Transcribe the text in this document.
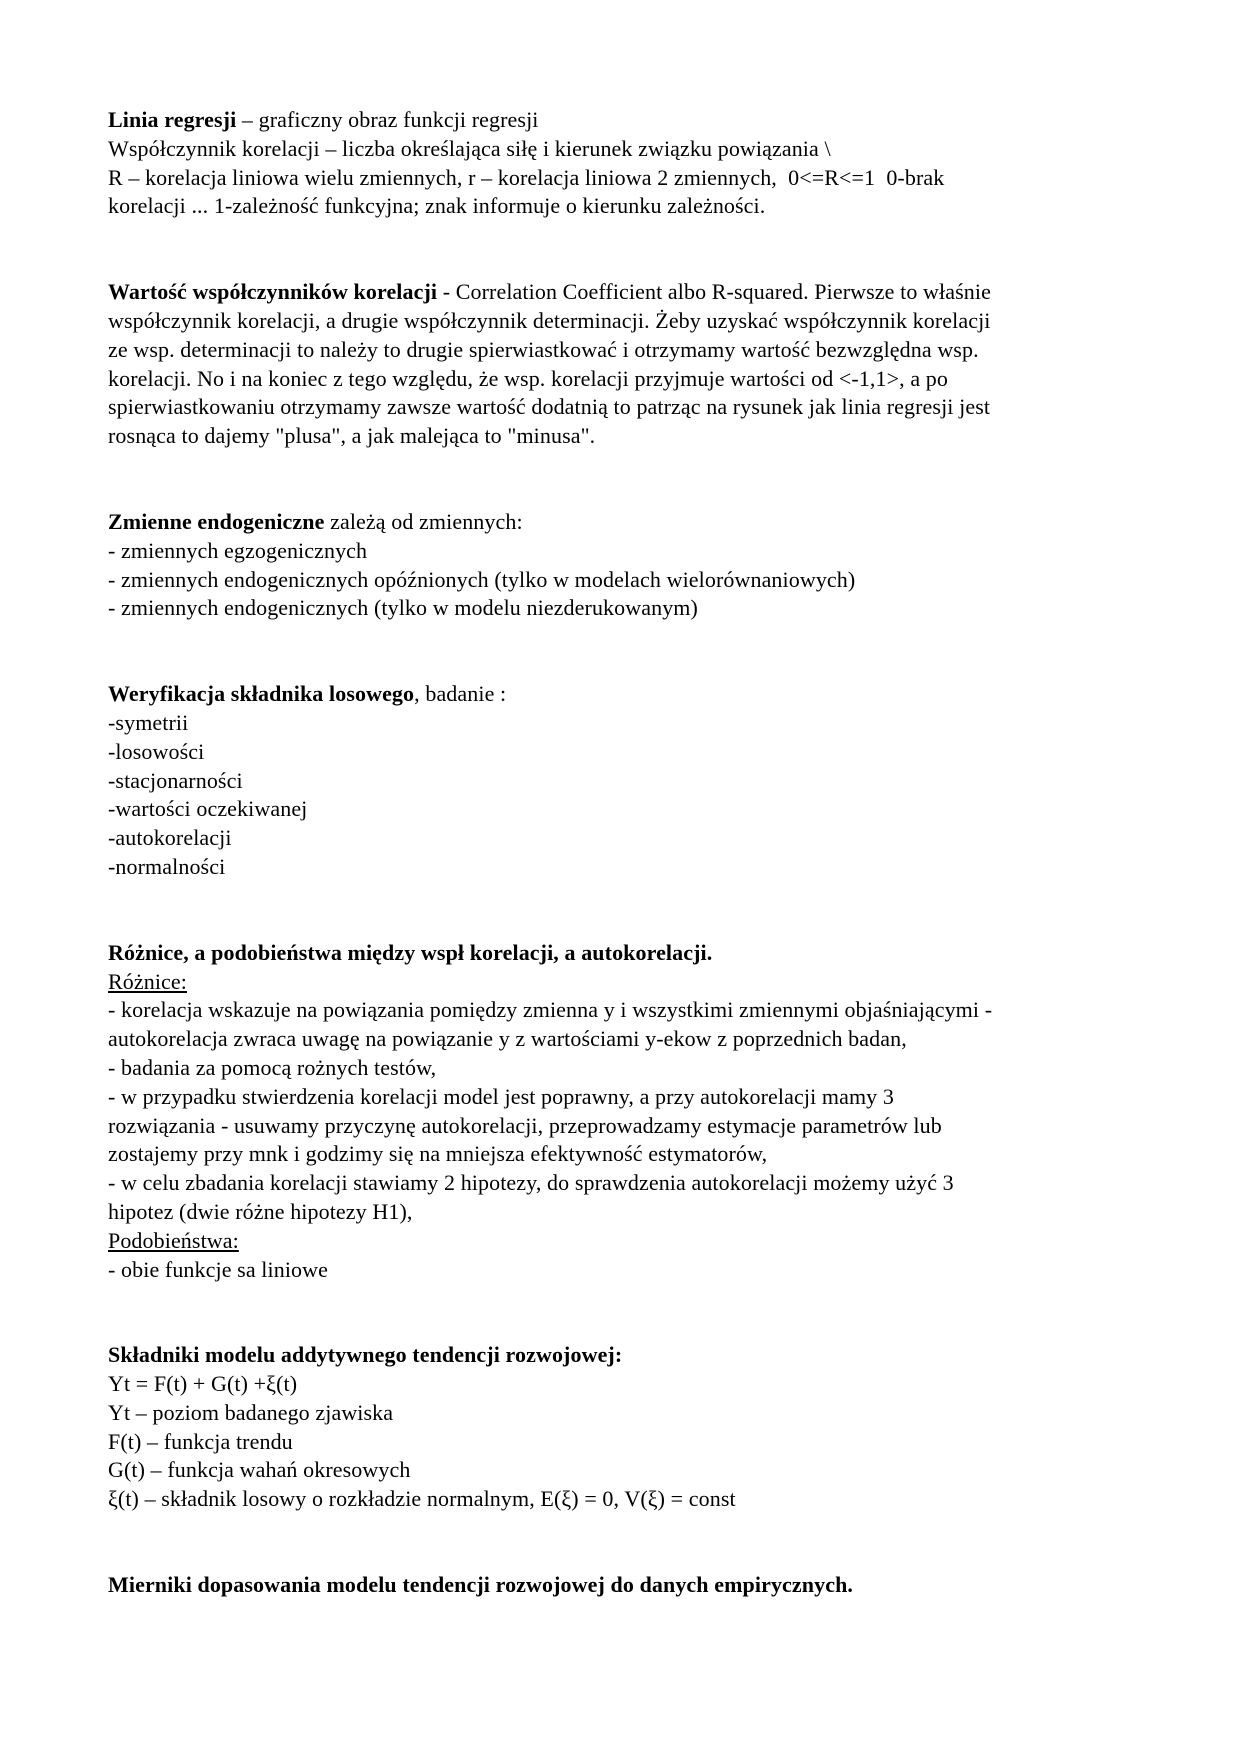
Linia regresji – graficzny obraz funkcji regresji
Współczynnik korelacji – liczba określająca siłę i kierunek związku powiązania \
R – korelacja liniowa wielu zmiennych, r – korelacja liniowa 2 zmiennych,  0<=R<=1  0-brak
korelacji ... 1-zależność funkcyjna; znak informuje o kierunku zależności.
Wartość współczynników korelacji - Correlation Coefficient albo R-squared. Pierwsze to właśnie
współczynnik korelacji, a drugie współczynnik determinacji. Żeby uzyskać współczynnik korelacji
ze wsp. determinacji to należy to drugie spierwiastkować i otrzymamy wartość bezwzględna wsp.
korelacji. No i na koniec z tego względu, że wsp. korelacji przyjmuje wartości od <-1,1>, a po
spierwiastkowaniu otrzymamy zawsze wartość dodatnią to patrząc na rysunek jak linia regresji jest
rosnąca to dajemy "plusa", a jak malejąca to "minusa".
Zmienne endogeniczne zależą od zmiennych:
- zmiennych egzogenicznych
- zmiennych endogenicznych opóźnionych (tylko w modelach wielorównaniowych)
- zmiennych endogenicznych (tylko w modelu niezderukowanym)
Weryfikacja składnika losowego, badanie :
-symetrii
-losowości
-stacjonarności
-wartości oczekiwanej
-autokorelacji
-normalności
Różnice, a podobieństwa między wspł korelacji, a autokorelacji.
Różnice:
- korelacja wskazuje na powiązania pomiędzy zmienna y i wszystkimi zmiennymi objaśniającymi -
autokorelacja zwraca uwagę na powiązanie y z wartościami y-ekow z poprzednich badan,
- badania za pomocą rożnych testów,
- w przypadku stwierdzenia korelacji model jest poprawny, a przy autokorelacji mamy 3
rozwiązania - usuwamy przyczynę autokorelacji, przeprowadzamy estymacje parametrów lub
zostajemy przy mnk i godzimy się na mniejsza efektywność estymatorów,
- w celu zbadania korelacji stawiamy 2 hipotezy, do sprawdzenia autokorelacji możemy użyć 3
hipotez (dwie różne hipotezy H1),
Podobieństwa:
- obie funkcje sa liniowe
Składniki modelu addytywnego tendencji rozwojowej:
Yt = F(t) + G(t) +ξ(t)
Yt – poziom badanego zjawiska
F(t) – funkcja trendu
G(t) – funkcja wahań okresowych
ξ(t) – składnik losowy o rozkładzie normalnym, E(ξ) = 0, V(ξ) = const
Mierniki dopasowania modelu tendencji rozwojowej do danych empirycznych.
